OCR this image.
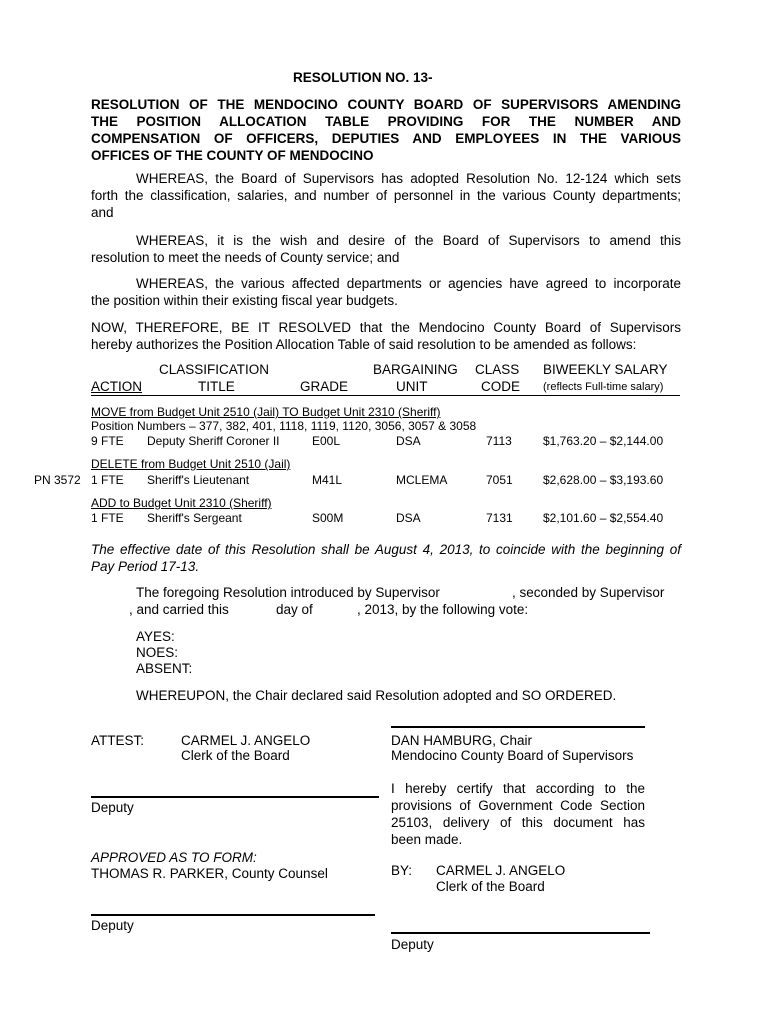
RESOLUTION NO. 13-
RESOLUTION OF THE MENDOCINO COUNTY BOARD OF SUPERVISORS AMENDING
THE POSITION ALLOCATION TABLE PROVIDING FOR THE NUMBER AND
COMPENSATION OF OFFICERS, DEPUTIES AND EMPLOYEES IN THE VARIOUS
OFFICES OF THE COUNTY OF MENDOCINO
WHEREAS, the Board of Supervisors has adopted Resolution No. 12-124 which sets
forth the classification, salaries, and number of personnel in the various County departments;
and
WHEREAS, it is the wish and desire of the Board of Supervisors to amend this
resolution to meet the needs of County service; and
WHEREAS, the various affected departments or agencies have agreed to incorporate
the position within their existing fiscal year budgets.
NOW, THEREFORE, BE IT RESOLVED that the Mendocino County Board of Supervisors
hereby authorizes the Position Allocation Table of said resolution to be amended as follows:
CLASSIFICATION	BARGAINING CLASS BIWEEKLY SALARY
ACTION	TITLE	GRADE	UNIT	CODE (reflects Full-time salary)
MOVE from Budget Unit 2510 (Jail) TO Budget Unit 2310 (Sheriff)
Position Numbers – 377, 382, 401, 1118, 1119, 1120, 3056, 3057 & 3058
9 FTE Deputy Sheriff Coroner II	E00L	DSA	7113	$1,763.20 – $2,144.00
DELETE from Budget Unit 2510 (Jail)
PN 3572 1 FTE Sheriff's Lieutenant	M41L	MCLEMA	7051	$2,628.00 – $3,193.60
ADD to Budget Unit 2310 (Sheriff)
1 FTE Sheriff's Sergeant	S00M	DSA	7131	$2,101.60 – $2,554.40
The effective date of this Resolution shall be August 4, 2013, to coincide with the beginning of
Pay Period 17-13.
The foregoing Resolution introduced by Supervisor	, seconded by Supervisor
, and carried this	day of	, 2013, by the following vote:
AYES:
NOES:
ABSENT:
WHEREUPON, the Chair declared said Resolution adopted and SO ORDERED.
ATTEST:	CARMEL J. ANGELO
Clerk of the Board
DAN HAMBURG, Chair
Mendocino County Board of Supervisors
Deputy
I hereby certify that according to the
provisions of Government Code Section
25103, delivery of this document has
been made.
APPROVED AS TO FORM:
THOMAS R. PARKER, County Counsel	BY: CARMEL J. ANGELO
Clerk of the Board
Deputy
Deputy
